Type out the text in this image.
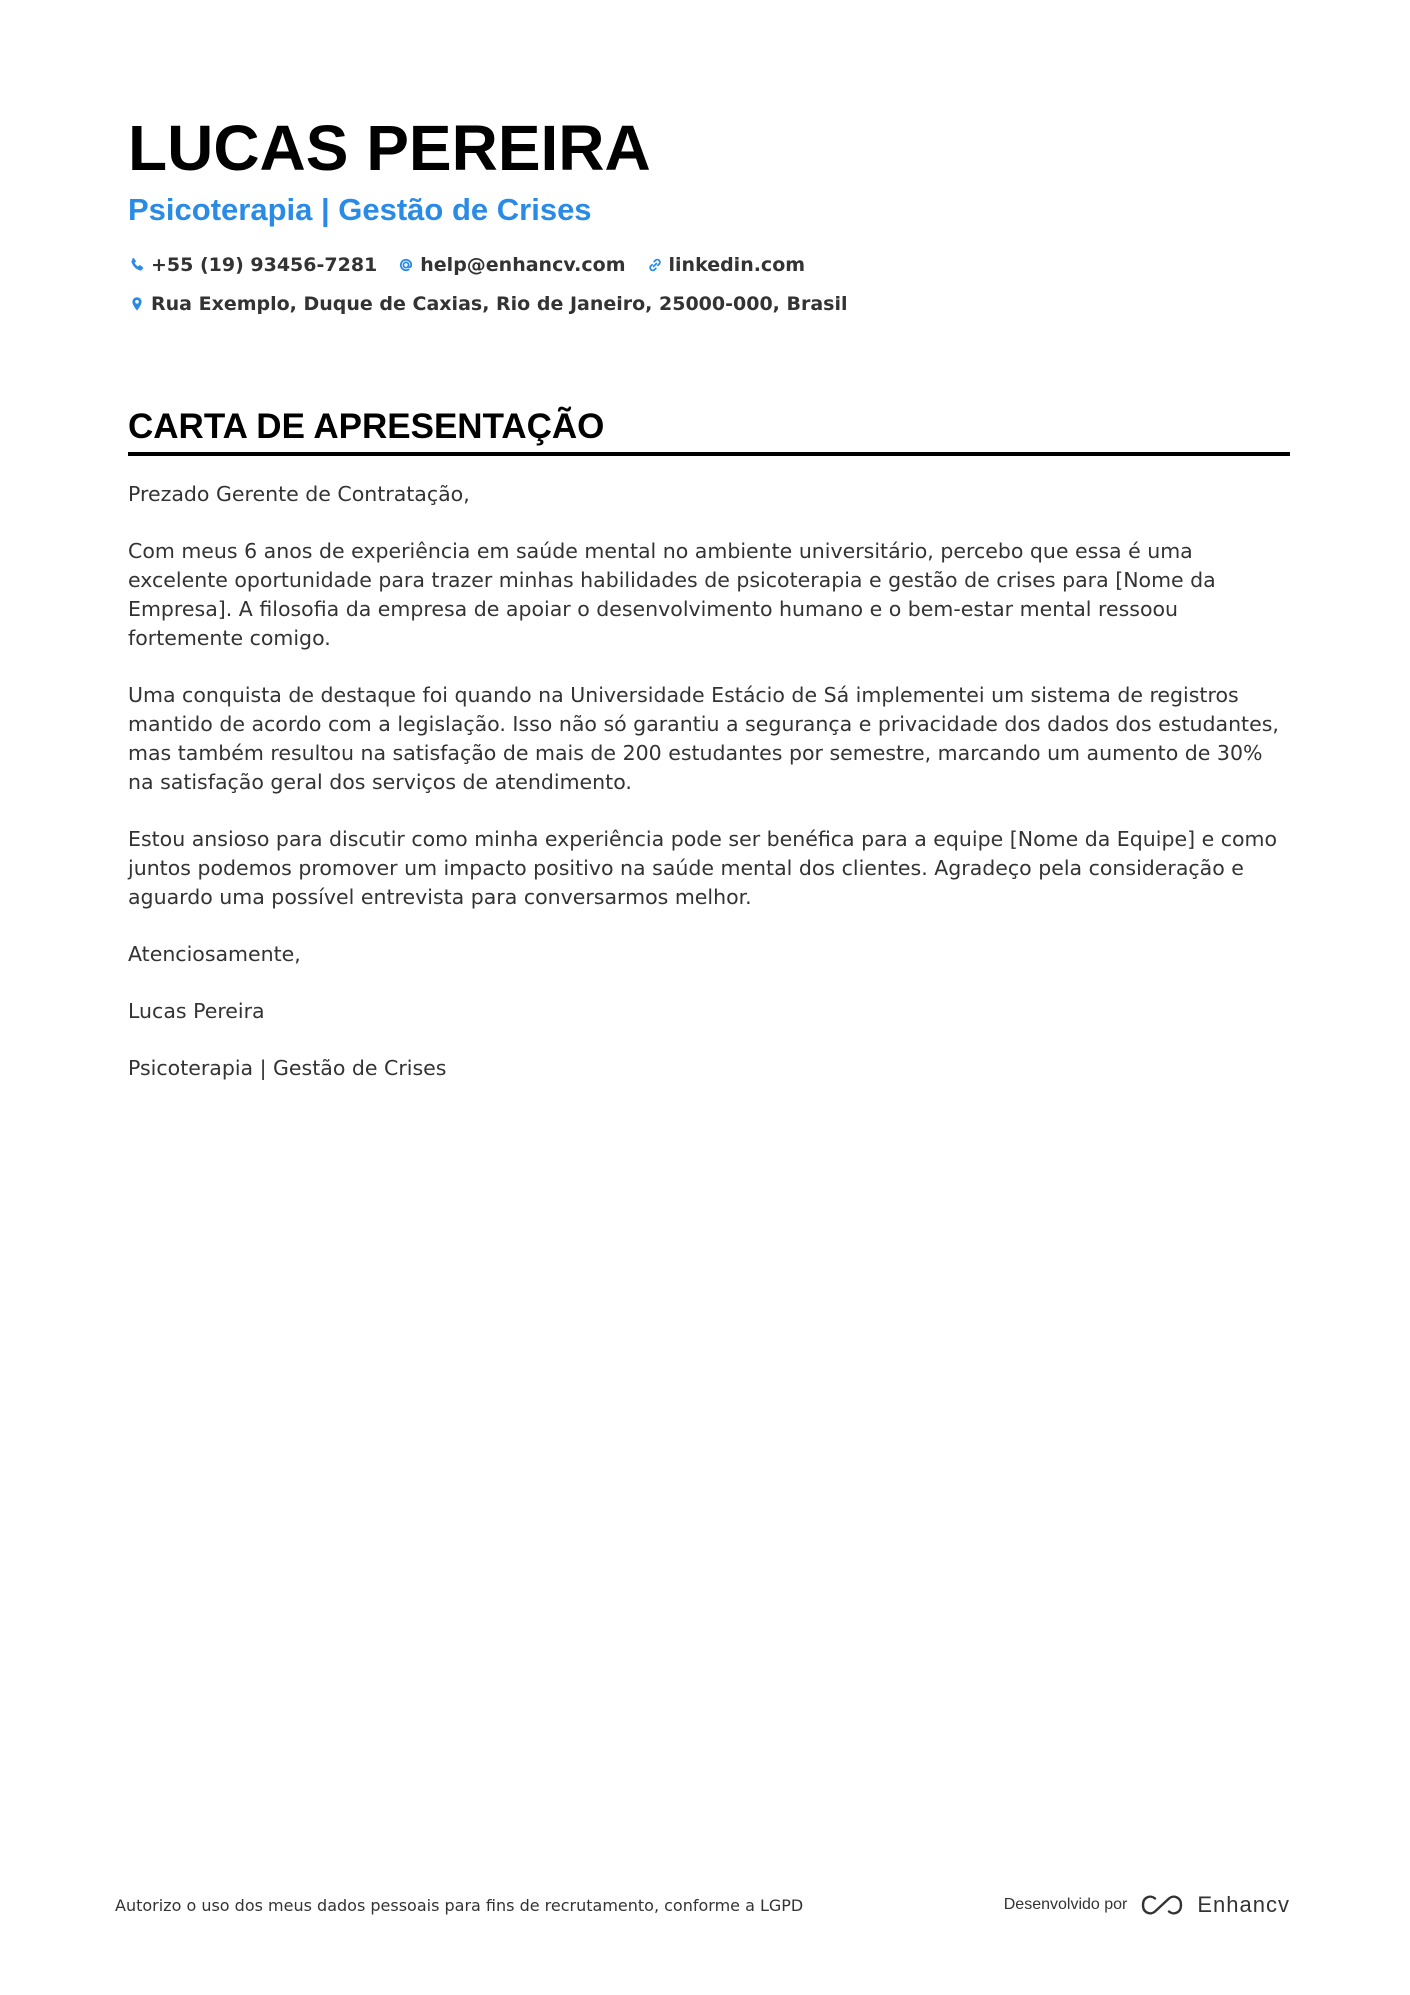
LUCAS PEREIRA
Psicoterapia | Gestão de Crises
+55 (19) 93456-7281 help@enhancv.com linkedin.com
Rua Exemplo, Duque de Caxias, Rio de Janeiro, 25000-000, Brasil
CARTA DE APRESENTAÇÃO

Prezado Gerente de Contratação,

Com meus 6 anos de experiência em saúde mental no ambiente universitário, percebo que essa é uma excelente oportunidade para trazer minhas habilidades de psicoterapia e gestão de crises para [Nome da Empresa]. A filosofia da empresa de apoiar o desenvolvimento humano e o bem-estar mental ressoou fortemente comigo.

Uma conquista de destaque foi quando na Universidade Estácio de Sá implementei um sistema de registros mantido de acordo com a legislação. Isso não só garantiu a segurança e privacidade dos dados dos estudantes, mas também resultou na satisfação de mais de 200 estudantes por semestre, marcando um aumento de 30% na satisfação geral dos serviços de atendimento.

Estou ansioso para discutir como minha experiência pode ser benéfica para a equipe [Nome da Equipe] e como juntos podemos promover um impacto positivo na saúde mental dos clientes. Agradeço pela consideração e aguardo uma possível entrevista para conversarmos melhor.

Atenciosamente,

Lucas Pereira

Psicoterapia | Gestão de Crises

Autorizo o uso dos meus dados pessoais para fins de recrutamento, conforme a LGPD	Desenvolvido por	Enhancv
